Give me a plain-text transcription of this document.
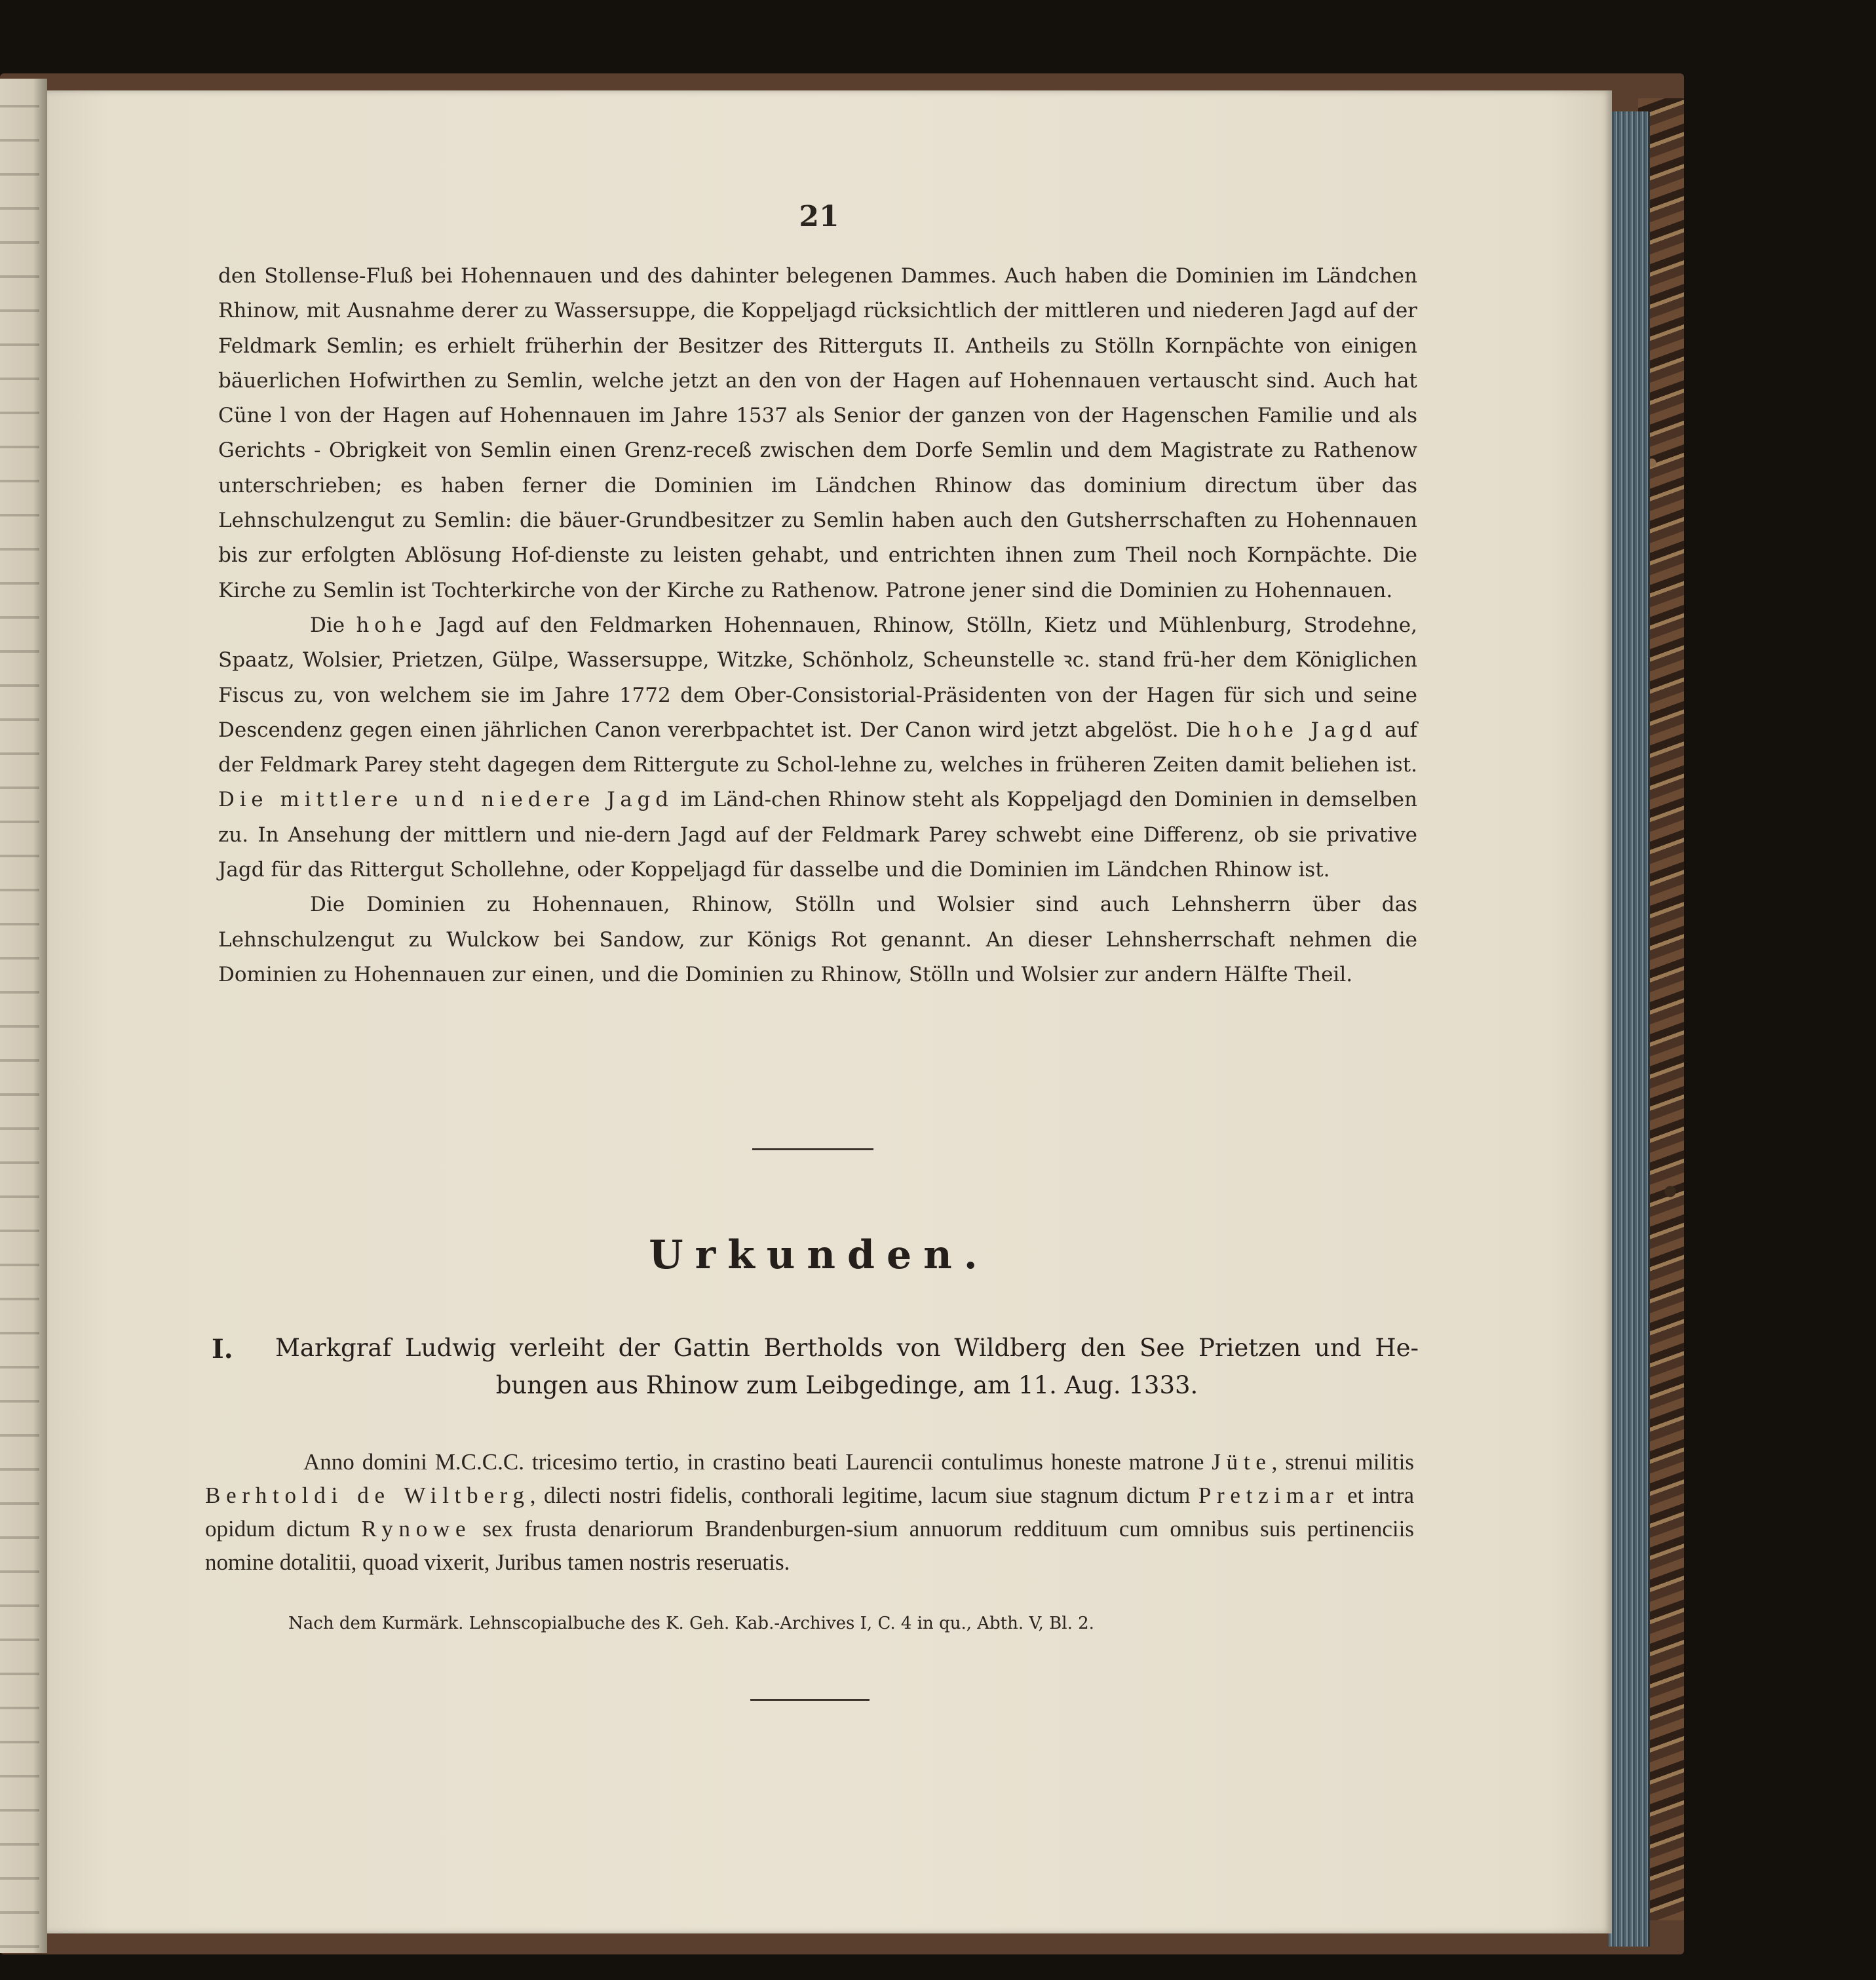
21

den Stollense-Fluß bei Hohennauen und des dahinter belegenen Dammes. Auch haben die Dominien im Ländchen Rhinow, mit Ausnahme derer zu Wassersuppe, die Koppeljagd rücksichtlich der mittleren und niederen Jagd auf der Feldmark Semlin; es erhielt früherhin der Besitzer des Ritterguts II. Antheils zu Stölln Kornpächte von einigen bäuerlichen Hofwirthen zu Semlin, welche jetzt an den von der Hagen auf Hohennauen vertauscht sind. Auch hat Cüne l von der Hagen auf Hohennauen im Jahre 1537 als Senior der ganzen von der Hagenschen Familie und als Gerichts - Obrigkeit von Semlin einen Grenz-receß zwischen dem Dorfe Semlin und dem Magistrate zu Rathenow unterschrieben; es haben ferner die Dominien im Ländchen Rhinow das dominium directum über das Lehnschulzengut zu Semlin: die bäuer-Grundbesitzer zu Semlin haben auch den Gutsherrschaften zu Hohennauen bis zur erfolgten Ablösung Hof-dienste zu leisten gehabt, und entrichten ihnen zum Theil noch Kornpächte. Die Kirche zu Semlin ist Tochterkirche von der Kirche zu Rathenow. Patrone jener sind die Dominien zu Hohennauen.

Die hohe Jagd auf den Feldmarken Hohennauen, Rhinow, Stölln, Kietz und Mühlenburg, Strodehne, Spaatz, Wolsier, Prietzen, Gülpe, Wassersuppe, Witzke, Schönholz, Scheunstelle ꝛc. stand frü-her dem Königlichen Fiscus zu, von welchem sie im Jahre 1772 dem Ober-Consistorial-Präsidenten von der Hagen für sich und seine Descendenz gegen einen jährlichen Canon vererbpachtet ist. Der Canon wird jetzt abgelöst. Die hohe Jagd auf der Feldmark Parey steht dagegen dem Rittergute zu Schol-lehne zu, welches in früheren Zeiten damit beliehen ist. Die mittlere und niedere Jagd im Länd-chen Rhinow steht als Koppeljagd den Dominien in demselben zu. In Ansehung der mittlern und nie-dern Jagd auf der Feldmark Parey schwebt eine Differenz, ob sie privative Jagd für das Rittergut Schollehne, oder Koppeljagd für dasselbe und die Dominien im Ländchen Rhinow ist.

Die Dominien zu Hohennauen, Rhinow, Stölln und Wolsier sind auch Lehnsherrn über das Lehnschulzengut zu Wulckow bei Sandow, zur Königs Rot genannt. An dieser Lehnsherrschaft nehmen die Dominien zu Hohennauen zur einen, und die Dominien zu Rhinow, Stölln und Wolsier zur andern Hälfte Theil.

Urkunden.
I. Markgraf Ludwig verleiht der Gattin Bertholds von Wildberg den See Prietzen und He-bungen aus Rhinow zum Leibgedinge, am 11. Aug. 1333.

Anno domini M.C.C.C. tricesimo tertio, in crastino beati Laurencii contulimus honeste matrone Jüte, strenui militis Berhtoldi de Wiltberg, dilecti nostri fidelis, conthorali legitime, lacum siue stagnum dictum Pretzimar et intra opidum dictum Rynowe sex frusta denariorum Brandenburgen-sium annuorum reddituum cum omnibus suis pertinenciis nomine dotalitii, quoad vixerit, Juribus tamen nostris reseruatis.

Nach dem Kurmärk. Lehnscopialbuche des K. Geh. Kab.-Archives I, C. 4 in qu., Abth. V, Bl. 2.
